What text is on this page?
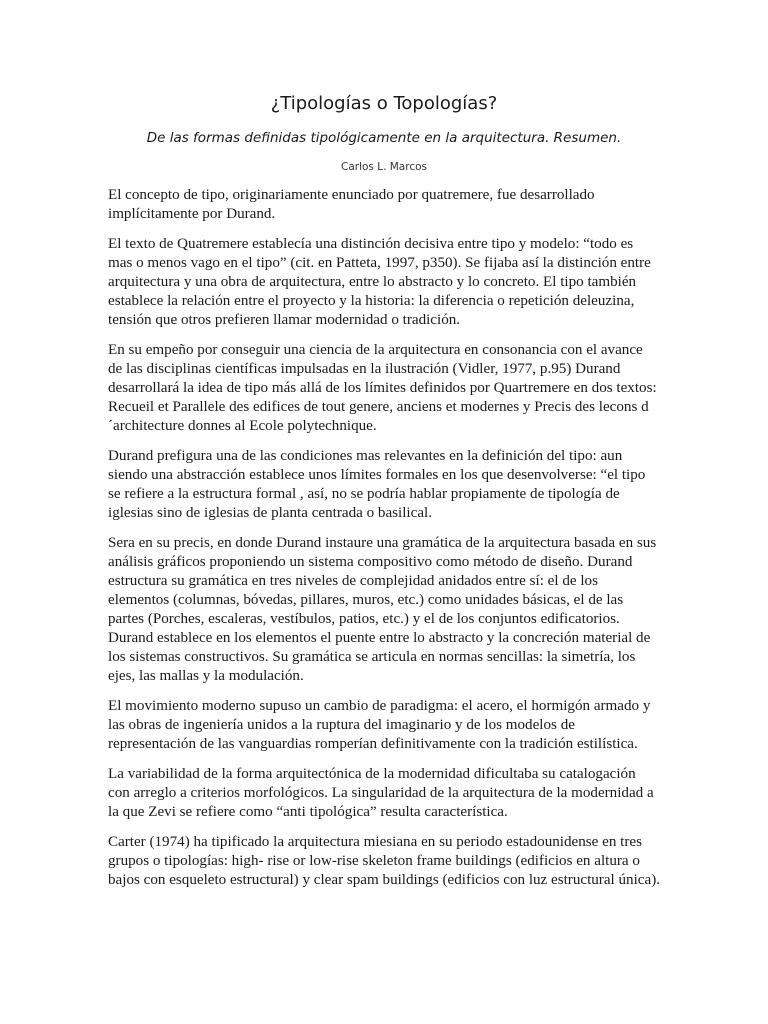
¿Tipologías o Topologías?

De las formas definidas tipológicamente en la arquitectura. Resumen.

Carlos L. Marcos

El concepto de tipo, originariamente enunciado por quatremere, fue desarrollado implícitamente por Durand.

El texto de Quatremere establecía una distinción decisiva entre tipo y modelo: “todo es mas o menos vago en el tipo” (cit. en Patteta, 1997, p350). Se fijaba así la distinción entre arquitectura y una obra de arquitectura, entre lo abstracto y lo concreto. El tipo también establece la relación entre el proyecto y la historia: la diferencia o repetición deleuzina, tensión que otros prefieren llamar modernidad o tradición.

En su empeño por conseguir una ciencia de la arquitectura en consonancia con el avance de las disciplinas científicas impulsadas en la ilustración (Vidler, 1977, p.95) Durand desarrollará la idea de tipo más allá de los límites definidos por Quartremere en dos textos: Recueil et Parallele des edifices de tout genere, anciens et modernes y Precis des lecons d´architecture donnes al Ecole polytechnique.

Durand prefigura una de las condiciones mas relevantes en la definición del tipo: aun siendo una abstracción establece unos límites formales en los que desenvolverse: “el tipo se refiere a la estructura formal , así, no se podría hablar propiamente de tipología de iglesias sino de iglesias de planta centrada o basilical.

Sera en su precis, en donde Durand instaure una gramática de la arquitectura basada en sus análisis gráficos proponiendo un sistema compositivo como método de diseño. Durand estructura su gramática en tres niveles de complejidad anidados entre sí: el de los elementos (columnas, bóvedas, pillares, muros, etc.) como unidades básicas, el de las partes (Porches, escaleras, vestíbulos, patios, etc.) y el de los conjuntos edificatorios. Durand establece en los elementos el puente entre lo abstracto y la concreción material de los sistemas constructivos. Su gramática se articula en normas sencillas: la simetría, los ejes, las mallas y la modulación.

El movimiento moderno supuso un cambio de paradigma: el acero, el hormigón armado y las obras de ingeniería unidos a la ruptura del imaginario y de los modelos de representación de las vanguardias romperían definitivamente con la tradición estilística.

La variabilidad de la forma arquitectónica de la modernidad dificultaba su catalogación con arreglo a criterios morfológicos. La singularidad de la arquitectura de la modernidad a la que Zevi se refiere como “anti tipológica” resulta característica.

Carter (1974) ha tipificado la arquitectura miesiana en su periodo estadounidense en tres grupos o tipologías: high- rise or low-rise skeleton frame buildings (edificios en altura o bajos con esqueleto estructural) y clear spam buildings (edificios con luz estructural única).
